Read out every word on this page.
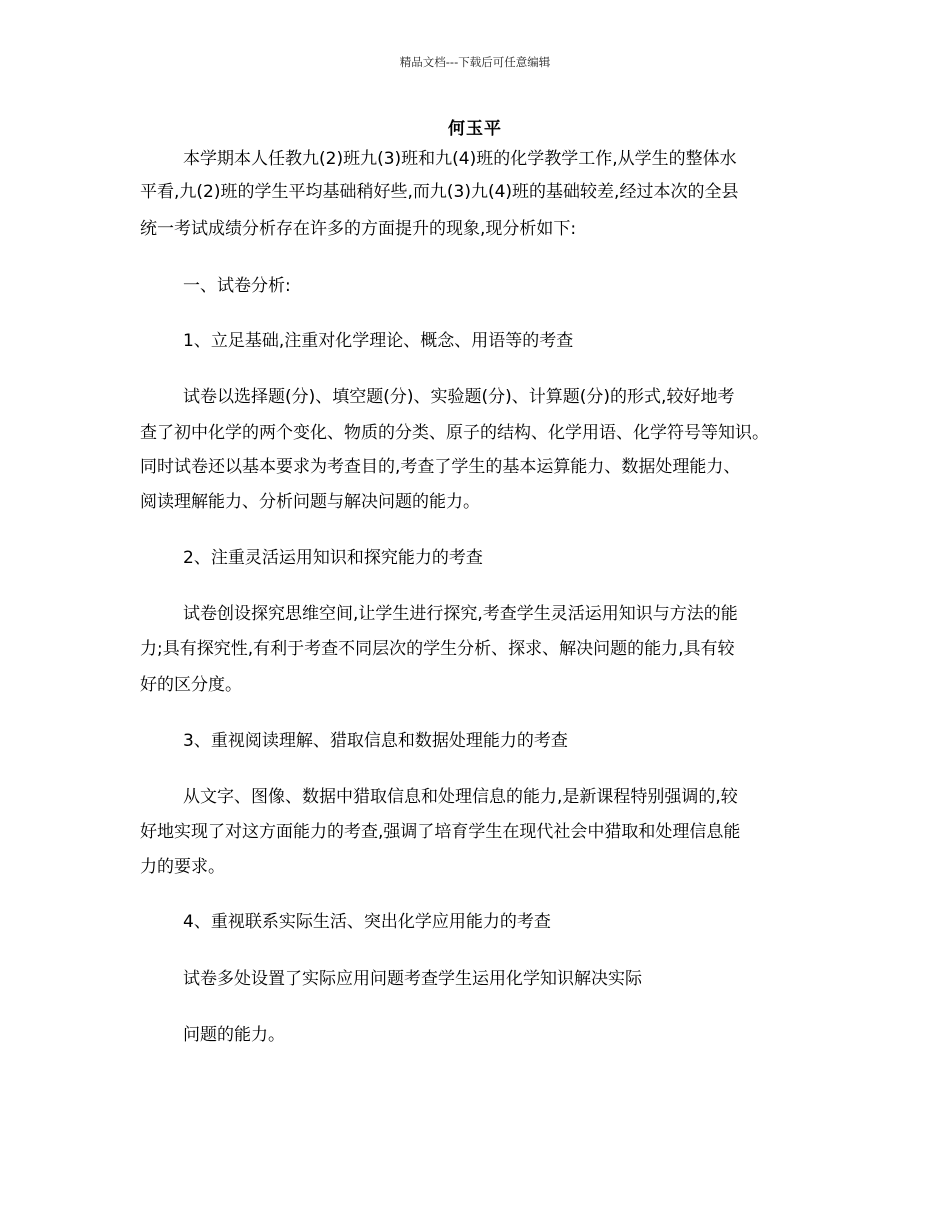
精品文档---下载后可任意编辑
何玉平
本学期本人任教九(2)班九(3)班和九(4)班的化学教学工作,从学生的整体水
平看,九(2)班的学生平均基础稍好些,而九(3)九(4)班的基础较差,经过本次的全县
统一考试成绩分析存在许多的方面提升的现象,现分析如下:
一、试卷分析:
1、立足基础,注重对化学理论、概念、用语等的考查
试卷以选择题(分)、填空题(分)、实验题(分)、计算题(分)的形式,较好地考
查了初中化学的两个变化、物质的分类、原子的结构、化学用语、化学符号等知识。
同时试卷还以基本要求为考查目的,考查了学生的基本运算能力、数据处理能力、
阅读理解能力、分析问题与解决问题的能力。
2、注重灵活运用知识和探究能力的考查
试卷创设探究思维空间,让学生进行探究,考查学生灵活运用知识与方法的能
力;具有探究性,有利于考查不同层次的学生分析、探求、解决问题的能力,具有较
好的区分度。
3、重视阅读理解、猎取信息和数据处理能力的考查
从文字、图像、数据中猎取信息和处理信息的能力,是新课程特别强调的,较
好地实现了对这方面能力的考查,强调了培育学生在现代社会中猎取和处理信息能
力的要求。
4、重视联系实际生活、突出化学应用能力的考查
试卷多处设置了实际应用问题考查学生运用化学知识解决实际
问题的能力。
